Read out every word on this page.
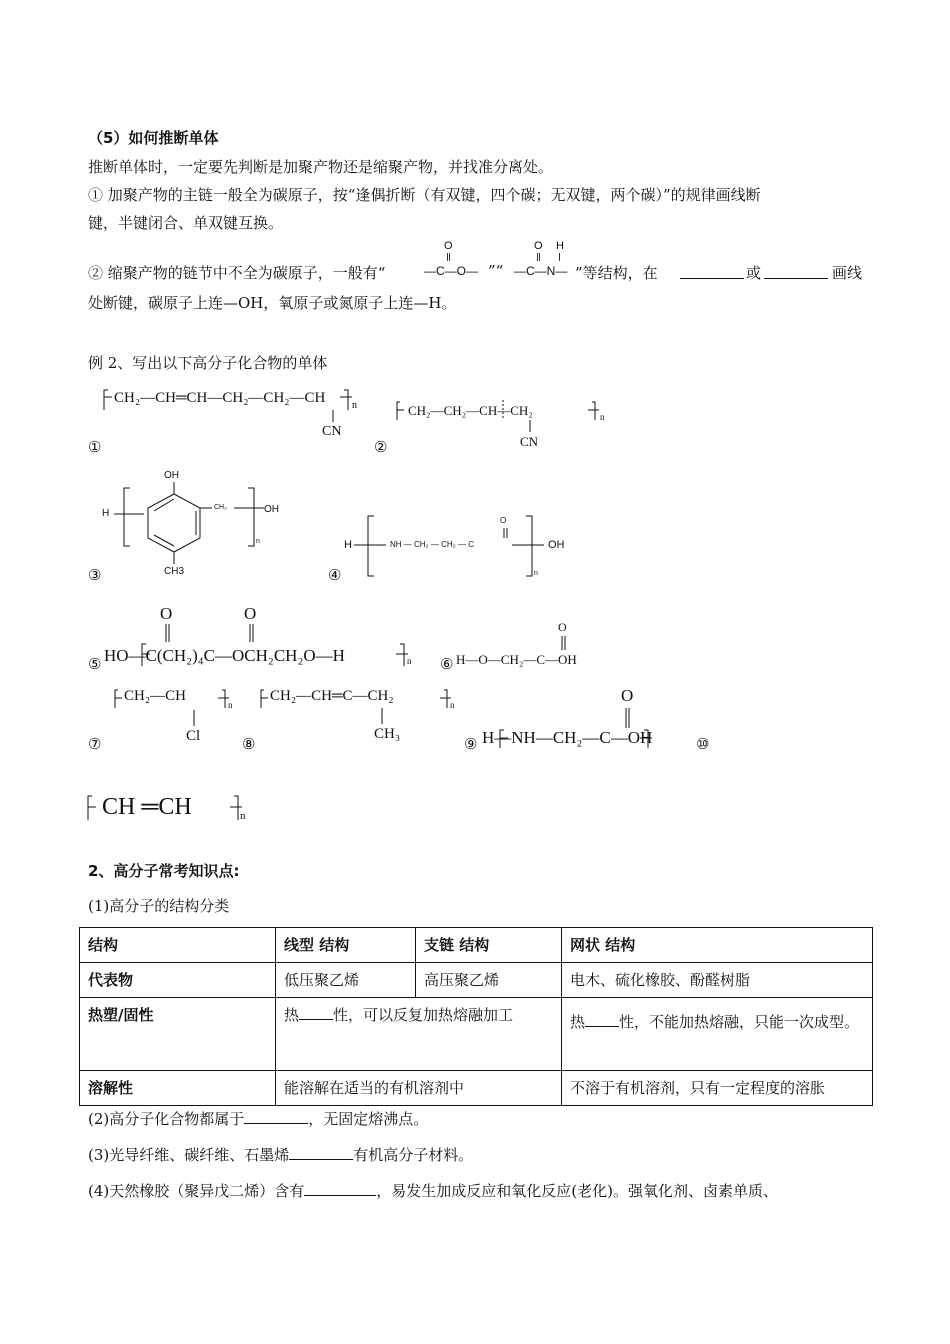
（5）如何推断单体
推断单体时，一定要先判断是加聚产物还是缩聚产物，并找准分离处。
① 加聚产物的主链一般全为碳原子，按“逢偶折断（有双键，四个碳；无双键，两个碳）”的规律画线断
键，半键闭合、单双键互换。
② 缩聚产物的链节中不全为碳原子，一般有“
O
—C—O— ”“
O H
—C—N— ”等结构，在	或	画线
处断键，碳原子上连—OH，氧原子或氮原子上连—H。
例 2、写出以下高分子化合物的单体
CH₂—CH═CH—CH₂—CH₂—CH	n
CN
①
CH₂—CH₂—CH—CH₂	n
CN
②
H
OH
CH₂	OH
n
CH3
③
H	NH — CH₂ — CH₂ — C
O
OH
n
④
O	O
HO—C(CH₂)₄C—OCH₂CH₂O—H	n
⑤
O
H—O—CH₂—C—OH
⑥
CH₂—CH
n
Cl
⑦
CH₂—CH═C—CH₂
n
CH₃
⑧
O
H—NH—CH₂—C—OH
⑨	⑩
CH ═CH	n
2、高分子常考知识点:
(1)高分子的结构分类
结构	线型 结构	支链 结构	网状 结构
代表物	低压聚乙烯	高压聚乙烯	电木、硫化橡胶、酚醛树脂
热塑/固性	热 性，可以反复加热熔融加工		热 性，不能加热熔融，只能一次成型。
溶解性	能溶解在适当的有机溶剂中		不溶于有机溶剂，只有一定程度的溶胀
(2)高分子化合物都属于	，无固定熔沸点。
(3)光导纤维、碳纤维、石墨烯	有机高分子材料。
(4)天然橡胶（聚异戊二烯）含有	，易发生加成反应和氧化反应(老化)。强氧化剂、卤素单质、
